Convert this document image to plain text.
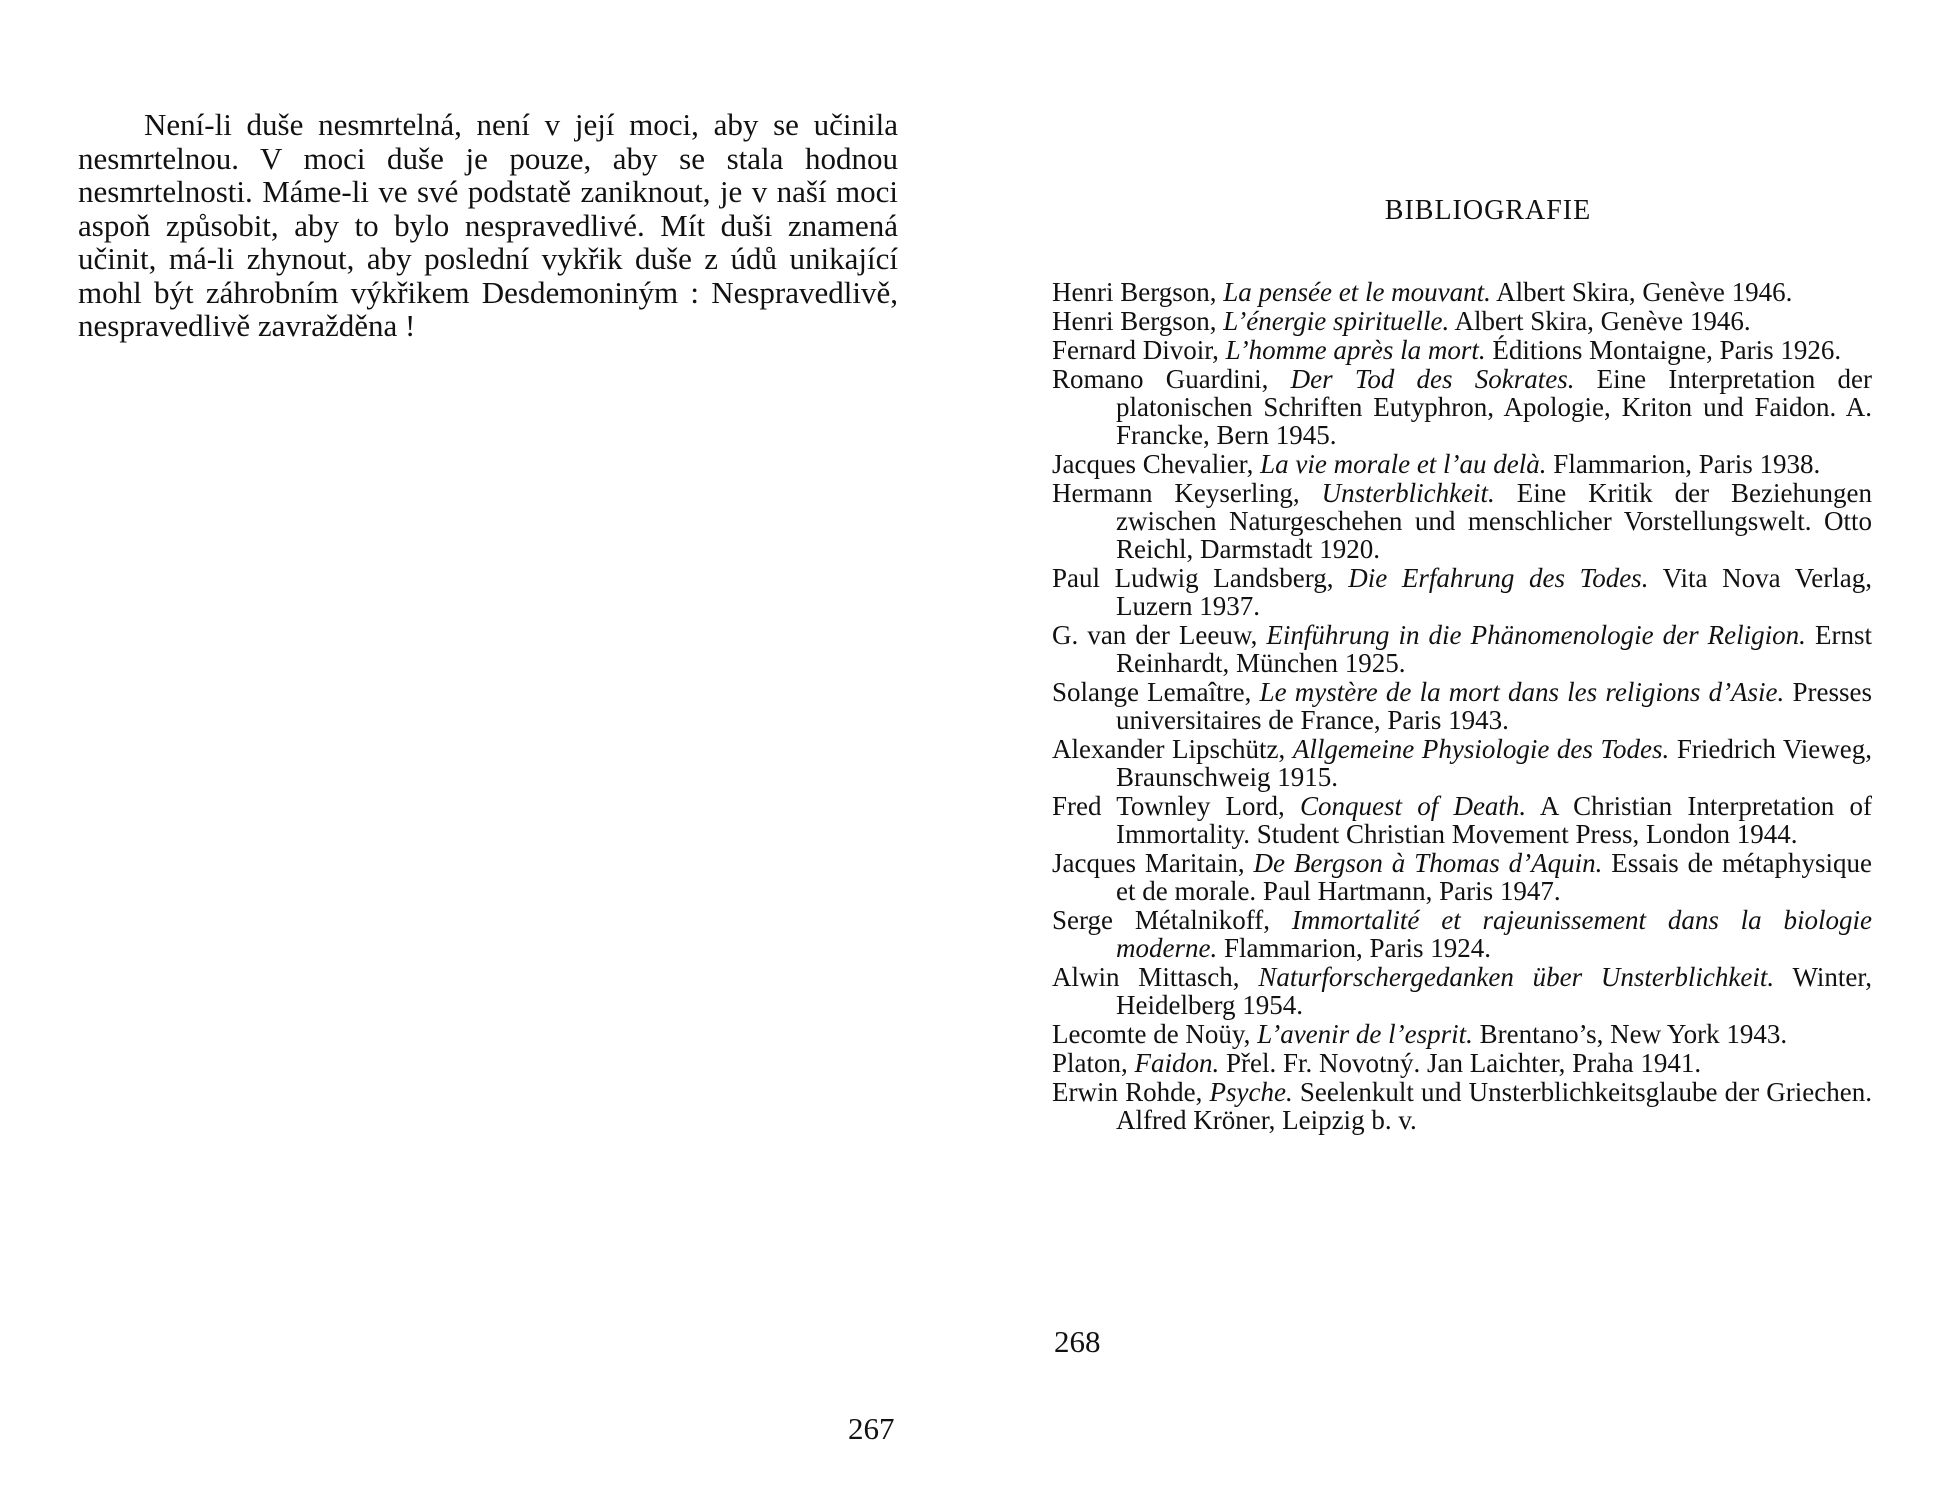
Není-li duše nesmrtelná, není v její moci, aby se učinila nesmrtelnou. V moci duše je pouze, aby se stala hodnou nesmrtelnosti. Máme-li ve své podstatě zaniknout, je v naší moci aspoň způsobit, aby to bylo nespravedlivé. Mít duši znamená učinit, má-li zhynout, aby poslední vykřik duše z údů unikající mohl být záhrobním výkřikem Desdemoniným : Nespravedlivě, nespravedlivě zavražděna !

267
BIBLIOGRAFIE
Henri Bergson, La pensée et le mouvant. Albert Skira, Genève 1946.
Henri Bergson, L’énergie spirituelle. Albert Skira, Genève 1946.
Fernard Divoir, L’homme après la mort. Éditions Montaigne, Paris 1926.
Romano Guardini, Der Tod des Sokrates. Eine Interpretation der platonischen Schriften Eutyphron, Apologie, Kriton und Faidon. A. Francke, Bern 1945.
Jacques Chevalier, La vie morale et l’au delà. Flammarion, Paris 1938.
Hermann Keyserling, Unsterblichkeit. Eine Kritik der Beziehungen zwischen Naturgeschehen und menschlicher Vorstellungswelt. Otto Reichl, Darmstadt 1920.
Paul Ludwig Landsberg, Die Erfahrung des Todes. Vita Nova Verlag, Luzern 1937.
G. van der Leeuw, Einführung in die Phänomenologie der Religion. Ernst Reinhardt, München 1925.
Solange Lemaître, Le mystère de la mort dans les religions d’Asie. Presses universitaires de France, Paris 1943.
Alexander Lipschütz, Allgemeine Physiologie des Todes. Friedrich Vieweg, Braunschweig 1915.
Fred Townley Lord, Conquest of Death. A Christian Interpretation of Immortality. Student Christian Movement Press, London 1944.
Jacques Maritain, De Bergson à Thomas d’Aquin. Essais de métaphysique et de morale. Paul Hartmann, Paris 1947.
Serge Métalnikoff, Immortalité et rajeunissement dans la biologie moderne. Flammarion, Paris 1924.
Alwin Mittasch, Naturforschergedanken über Unsterblichkeit. Winter, Heidelberg 1954.
Lecomte de Noüy, L’avenir de l’esprit. Brentano’s, New York 1943.
Platon, Faidon. Přel. Fr. Novotný. Jan Laichter, Praha 1941.
Erwin Rohde, Psyche. Seelenkult und Unsterblichkeitsglaube der Griechen. Alfred Kröner, Leipzig b. v.
268
